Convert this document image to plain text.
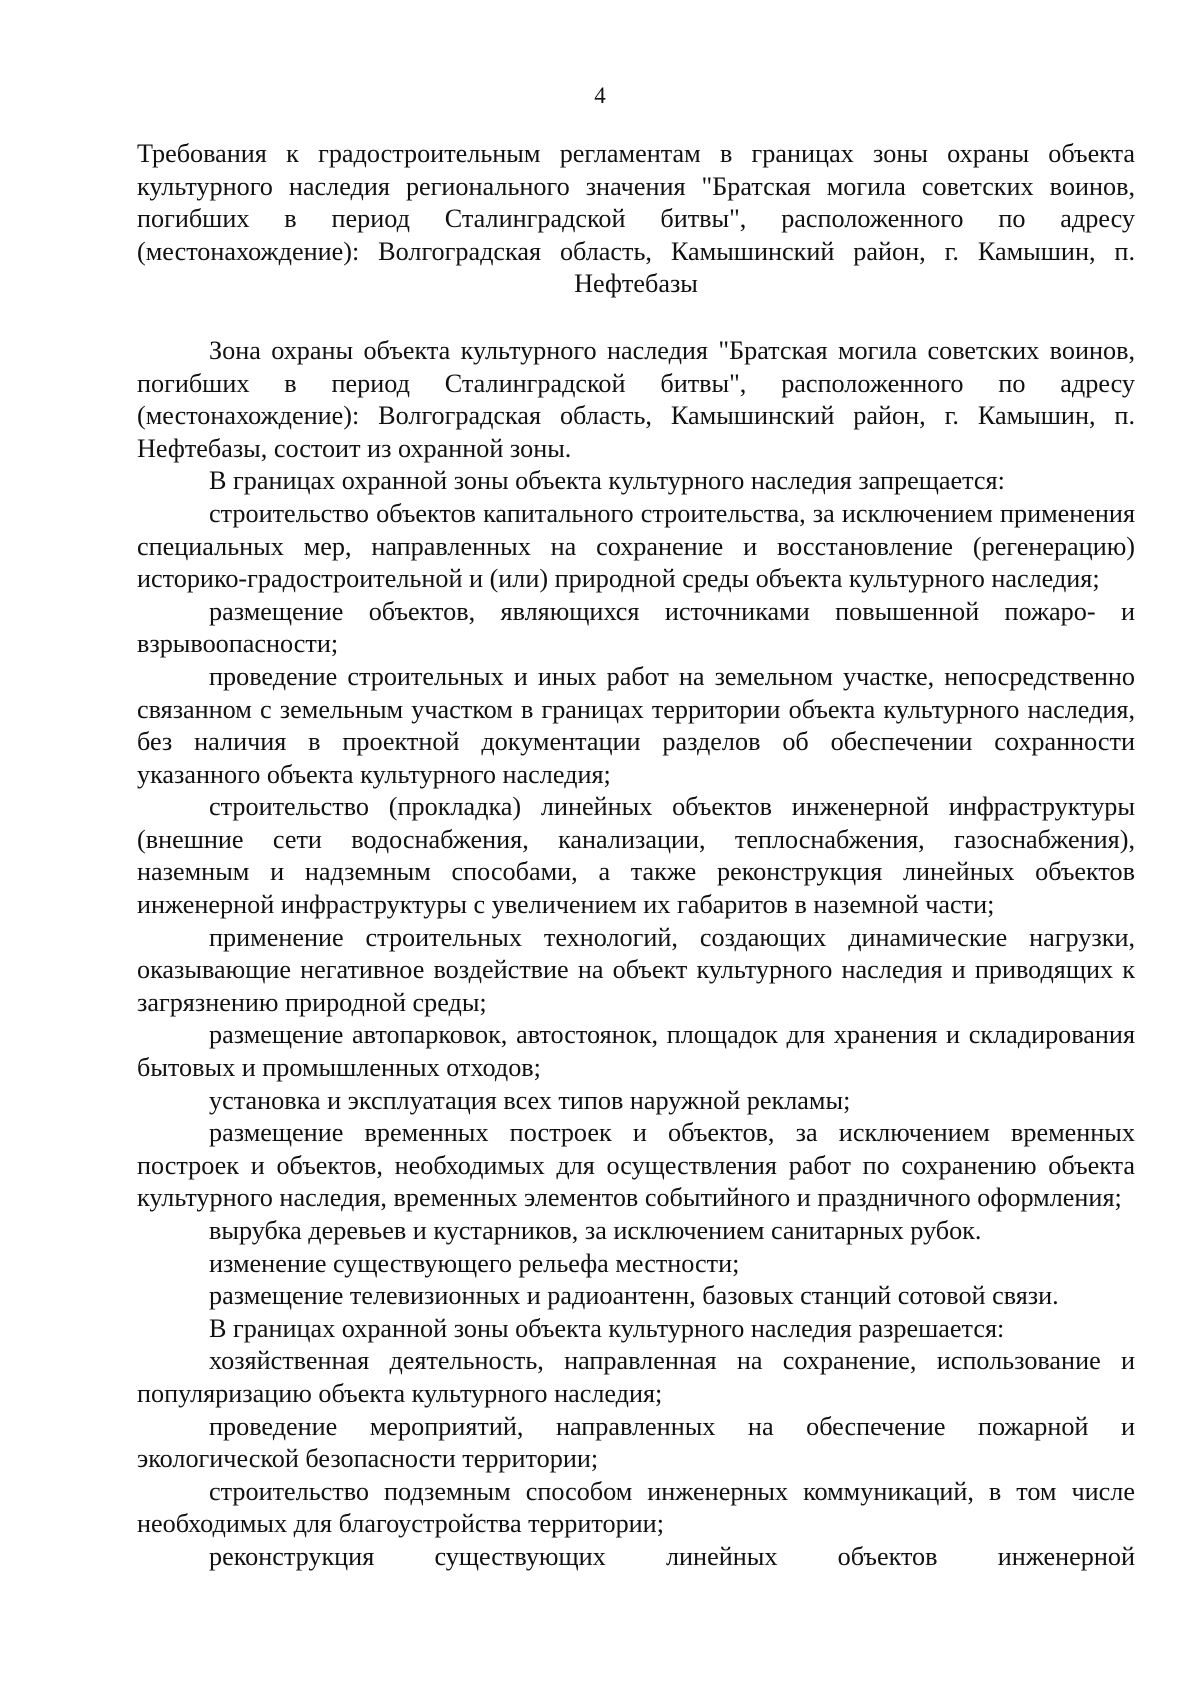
4

Требования к градостроительным регламентам в границах зоны охраны объекта культурного наследия регионального значения "Братская могила советских воинов, погибших в период Сталинградской битвы", расположенного по адресу (местонахождение): Волгоградская область, Камышинский район, г. Камышин, п. Нефтебазы

Зона охраны объекта культурного наследия "Братская могила советских воинов, погибших в период Сталинградской битвы", расположенного по адресу (местонахождение): Волгоградская область, Камышинский район, г. Камышин, п. Нефтебазы, состоит из охранной зоны.

В границах охранной зоны объекта культурного наследия запрещается:

строительство объектов капитального строительства, за исключением применения специальных мер, направленных на сохранение и восстановление (регенерацию) историко-градостроительной и (или) природной среды объекта культурного наследия;

размещение объектов, являющихся источниками повышенной пожаро- и взрывоопасности;

проведение строительных и иных работ на земельном участке, непосредственно связанном с земельным участком в границах территории объекта культурного наследия, без наличия в проектной документации разделов об обеспечении сохранности указанного объекта культурного наследия;

строительство (прокладка) линейных объектов инженерной инфраструктуры (внешние сети водоснабжения, канализации, теплоснабжения, газоснабжения), наземным и надземным способами, а также реконструкция линейных объектов инженерной инфраструктуры с увеличением их габаритов в наземной части;

применение строительных технологий, создающих динамические нагрузки, оказывающие негативное воздействие на объект культурного наследия и приводящих к загрязнению природной среды;

размещение автопарковок, автостоянок, площадок для хранения и складирования бытовых и промышленных отходов;

установка и эксплуатация всех типов наружной рекламы;

размещение временных построек и объектов, за исключением временных построек и объектов, необходимых для осуществления работ по сохранению объекта культурного наследия, временных элементов событийного и праздничного оформления;

вырубка деревьев и кустарников, за исключением санитарных рубок.

изменение существующего рельефа местности;

размещение телевизионных и радиоантенн, базовых станций сотовой связи.

В границах охранной зоны объекта культурного наследия разрешается:

хозяйственная деятельность, направленная на сохранение, использование и популяризацию объекта культурного наследия;

проведение мероприятий, направленных на обеспечение пожарной и экологической безопасности территории;

строительство подземным способом инженерных коммуникаций, в том числе необходимых для благоустройства территории;

реконструкция существующих линейных объектов инженерной
